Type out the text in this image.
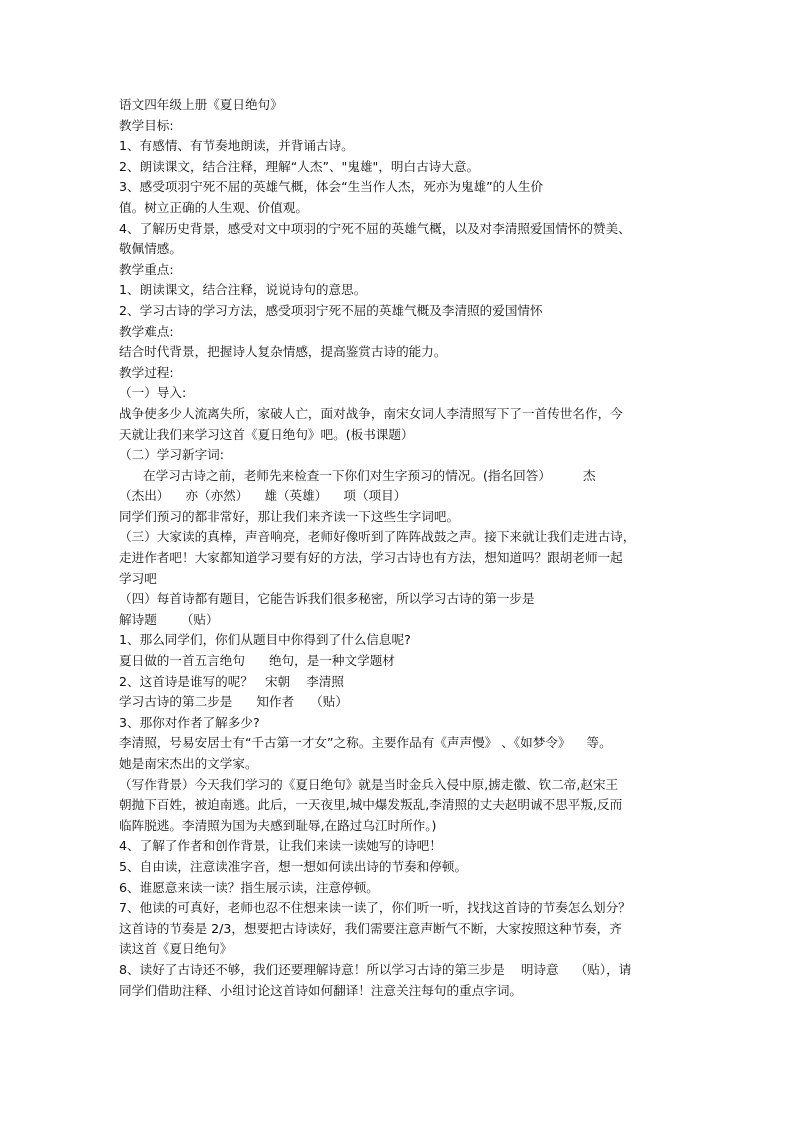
语文四年级上册《夏日绝句》
教学目标:
1、有感情、有节奏地朗读，并背诵古诗。
2、朗读课文，结合注释，理解“人杰”、"鬼雄"，明白古诗大意。
3、感受项羽宁死不屈的英雄气概，体会“生当作人杰，死亦为鬼雄”的人生价
值。树立正确的人生观、价值观。
4、了解历史背景，感受对文中项羽的宁死不屈的英雄气概，以及对李清照爱国情怀的赞美、
敬佩情感。
教学重点:
1、朗读课文，结合注释，说说诗句的意思。
2、学习古诗的学习方法，感受项羽宁死不屈的英雄气概及李清照的爱国情怀
教学难点:
结合时代背景，把握诗人复杂情感，提高鉴赏古诗的能力。
教学过程:
（一）导入:
战争使多少人流离失所，家破人亡，面对战争，南宋女词人李清照写下了一首传世名作，今
天就让我们来学习这首《夏日绝句》吧。(板书课题）
（二）学习新字词:
在学习古诗之前，老师先来检查一下你们对生字预习的情况。(指名回答）        杰
（杰出）    亦（亦然）    雄（英雄）    项（项目）
同学们预习的都非常好，那让我们来齐读一下这些生字词吧。
（三）大家读的真棒，声音响亮，老师好像听到了阵阵战鼓之声。接下来就让我们走进古诗，
走进作者吧！大家都知道学习要有好的方法，学习古诗也有方法，想知道吗？跟胡老师一起
学习吧
（四）每首诗都有题目，它能告诉我们很多秘密，所以学习古诗的第一步是
解诗题      （贴）
1、那么同学们，你们从题目中你得到了什么信息呢?
夏日做的一首五言绝句      绝句，是一种文学题材
2、这首诗是谁写的呢？   宋朝    李清照
学习古诗的第二步是      知作者    （贴）
3、那你对作者了解多少?
李清照，号易安居士有“千古第一才女”之称。主要作品有《声声慢》 、《如梦令》    等。
她是南宋杰出的文学家。
（写作背景）今天我们学习的《夏日绝句》就是当时金兵入侵中原,掳走徽、钦二帝,赵宋王
朝抛下百姓，被迫南逃。此后，一天夜里,城中爆发叛乱,李清照的丈夫赵明诚不思平叛,反而
临阵脱逃。李清照为国为夫感到耻辱,在路过乌江时所作。)
4、了解了作者和创作背景，让我们来读一读她写的诗吧！
5、自由读，注意读准字音，想一想如何读出诗的节奏和停顿。
6、谁愿意来读一读？指生展示读，注意停顿。
7、他读的可真好，老师也忍不住想来读一读了，你们听一听，找找这首诗的节奏怎么划分？
这首诗的节奏是 2/3，想要把古诗读好，我们需要注意声断气不断，大家按照这种节奏，齐
读这首《夏日绝句》
8、读好了古诗还不够，我们还要理解诗意！所以学习古诗的第三步是    明诗意    （贴），请
同学们借助注释、小组讨论这首诗如何翻译！注意关注每句的重点字词。
